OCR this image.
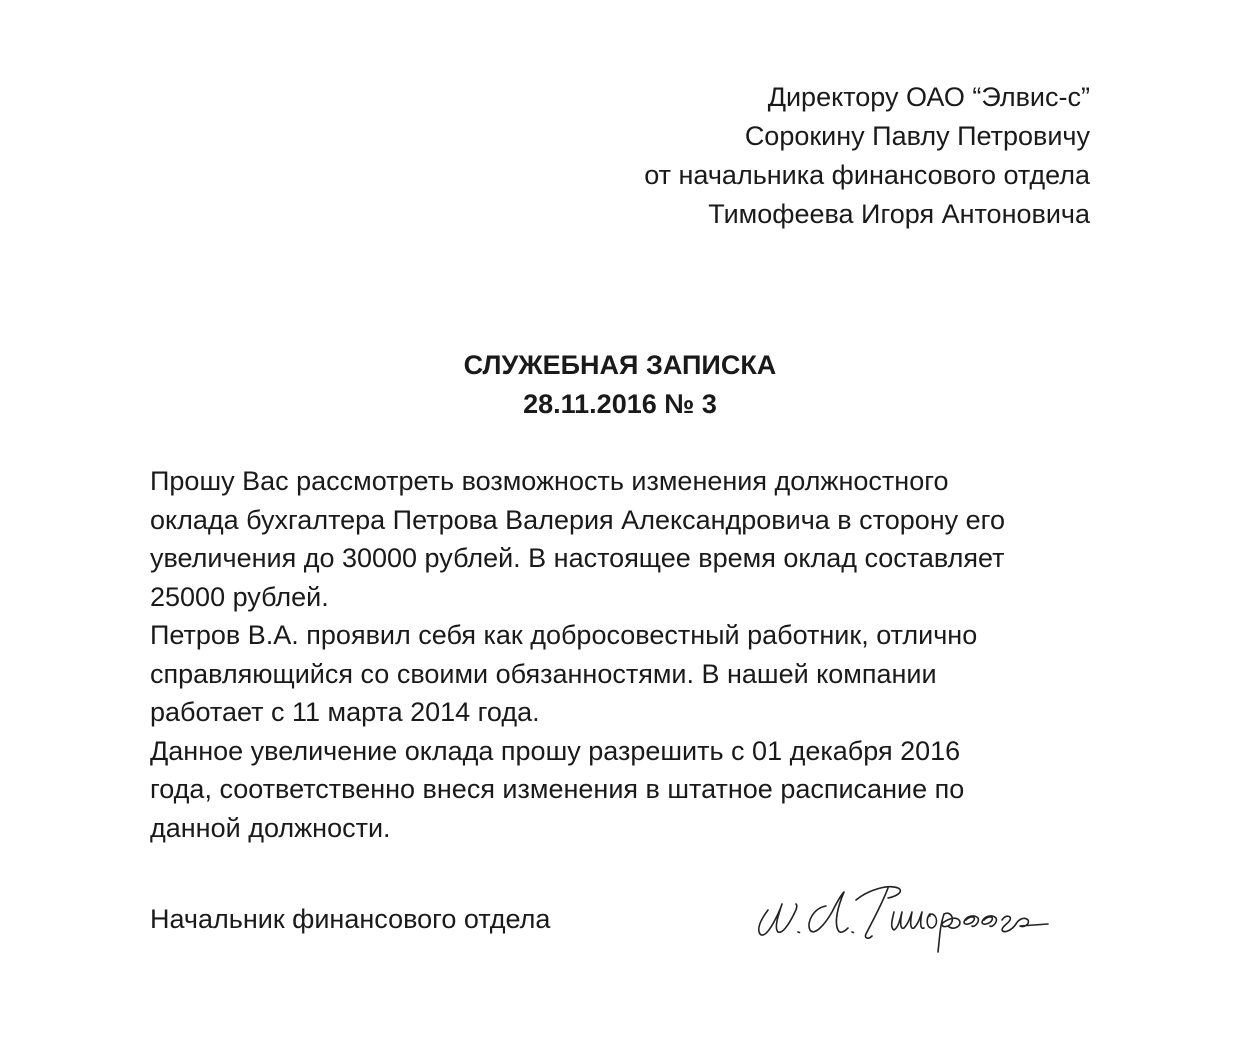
Директору ОАО “Элвис-с”
Сорокину Павлу Петровичу
от начальника финансового отдела
Тимофеева Игоря Антоновича
СЛУЖЕБНАЯ ЗАПИСКА
28.11.2016 № 3
Прошу Вас рассмотреть возможность изменения должностного
оклада бухгалтера Петрова Валерия Александровича в сторону его
увеличения до 30000 рублей. В настоящее время оклад составляет
25000 рублей.
Петров В.А. проявил себя как добросовестный работник, отлично
справляющийся со своими обязанностями. В нашей компании
работает с 11 марта 2014 года.
Данное увеличение оклада прошу разрешить с 01 декабря 2016
года, соответственно внеся изменения в штатное расписание по
данной должности.
Начальник финансового отдела
